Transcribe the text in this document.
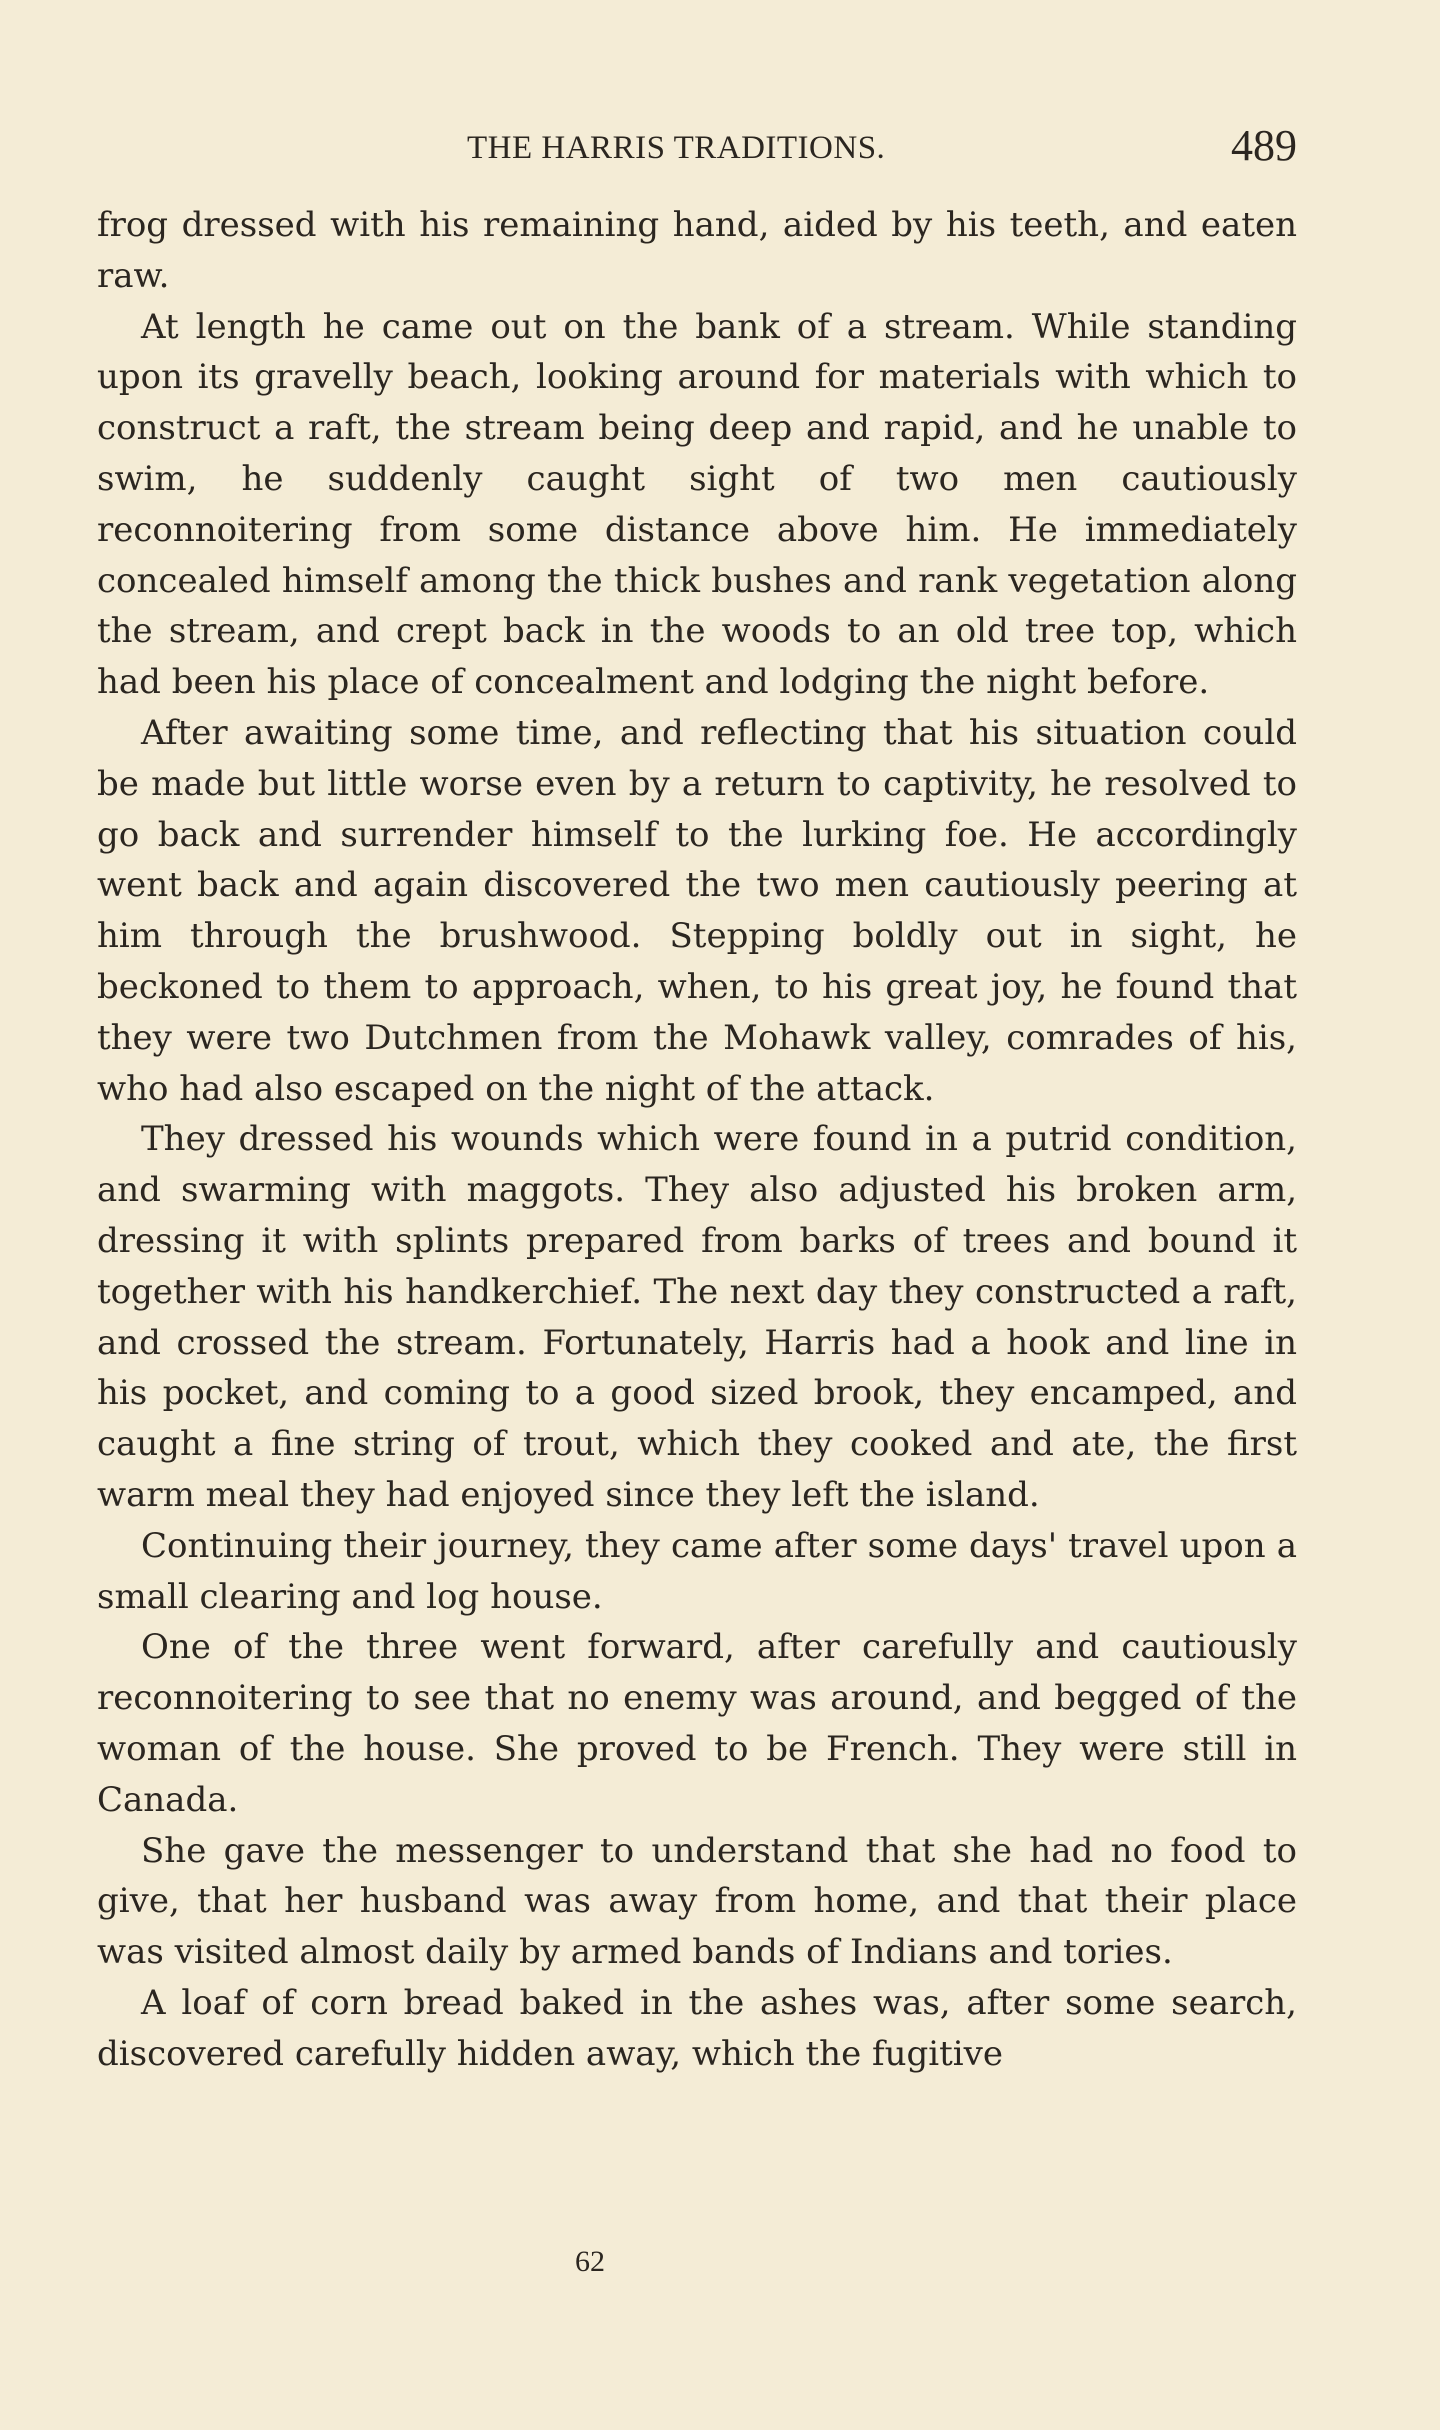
THE HARRIS TRADITIONS.	489

frog dressed with his remaining hand, aided by his teeth, and eaten raw.

At length he came out on the bank of a stream. While standing upon its gravelly beach, looking around for materials with which to construct a raft, the stream being deep and rapid, and he unable to swim, he suddenly caught sight of two men cautiously reconnoitering from some distance above him. He immediately concealed himself among the thick bushes and rank vegetation along the stream, and crept back in the woods to an old tree top, which had been his place of concealment and lodging the night before.

After awaiting some time, and reflecting that his situation could be made but little worse even by a return to captivity, he resolved to go back and surrender himself to the lurking foe. He accordingly went back and again discovered the two men cautiously peering at him through the brushwood. Stepping boldly out in sight, he beckoned to them to approach, when, to his great joy, he found that they were two Dutchmen from the Mohawk valley, comrades of his, who had also escaped on the night of the attack.

They dressed his wounds which were found in a putrid condition, and swarming with maggots. They also adjusted his broken arm, dressing it with splints prepared from barks of trees and bound it together with his handkerchief. The next day they constructed a raft, and crossed the stream. Fortunately, Harris had a hook and line in his pocket, and coming to a good sized brook, they encamped, and caught a fine string of trout, which they cooked and ate, the first warm meal they had enjoyed since they left the island.

Continuing their journey, they came after some days' travel upon a small clearing and log house.

One of the three went forward, after carefully and cautiously reconnoitering to see that no enemy was around, and begged of the woman of the house. She proved to be French. They were still in Canada.

She gave the messenger to understand that she had no food to give, that her husband was away from home, and that their place was visited almost daily by armed bands of Indians and tories.

A loaf of corn bread baked in the ashes was, after some search, discovered carefully hidden away, which the fugitive

62
